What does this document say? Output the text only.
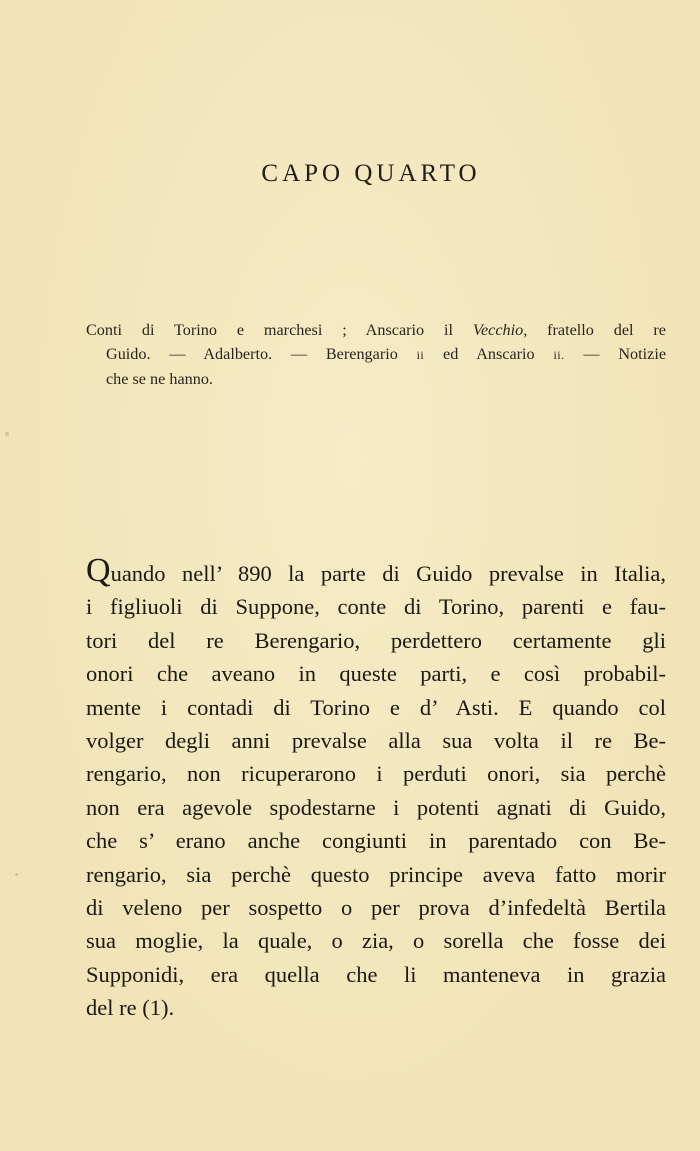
CAPO QUARTO
Conti di Torino e marchesi ; Anscario il Vecchio, fratello del re
Guido. — Adalberto. — Berengario ii ed Anscario ii. — Notizie
che se ne hanno.
Quando nell’ 890 la parte di Guido prevalse in Italia,
i figliuoli di Suppone, conte di Torino, parenti e fau-
tori del re Berengario, perdettero certamente gli
onori che aveano in queste parti, e così probabil-
mente i contadi di Torino e d’ Asti. E quando col
volger degli anni prevalse alla sua volta il re Be-
rengario, non ricuperarono i perduti onori, sia perchè
non era agevole spodestarne i potenti agnati di Guido,
che s’ erano anche congiunti in parentado con Be-
rengario, sia perchè questo principe aveva fatto morir
di veleno per sospetto o per prova d’infedeltà Bertila
sua moglie, la quale, o zia, o sorella che fosse dei
Supponidi, era quella che li manteneva in grazia
del re (1).
